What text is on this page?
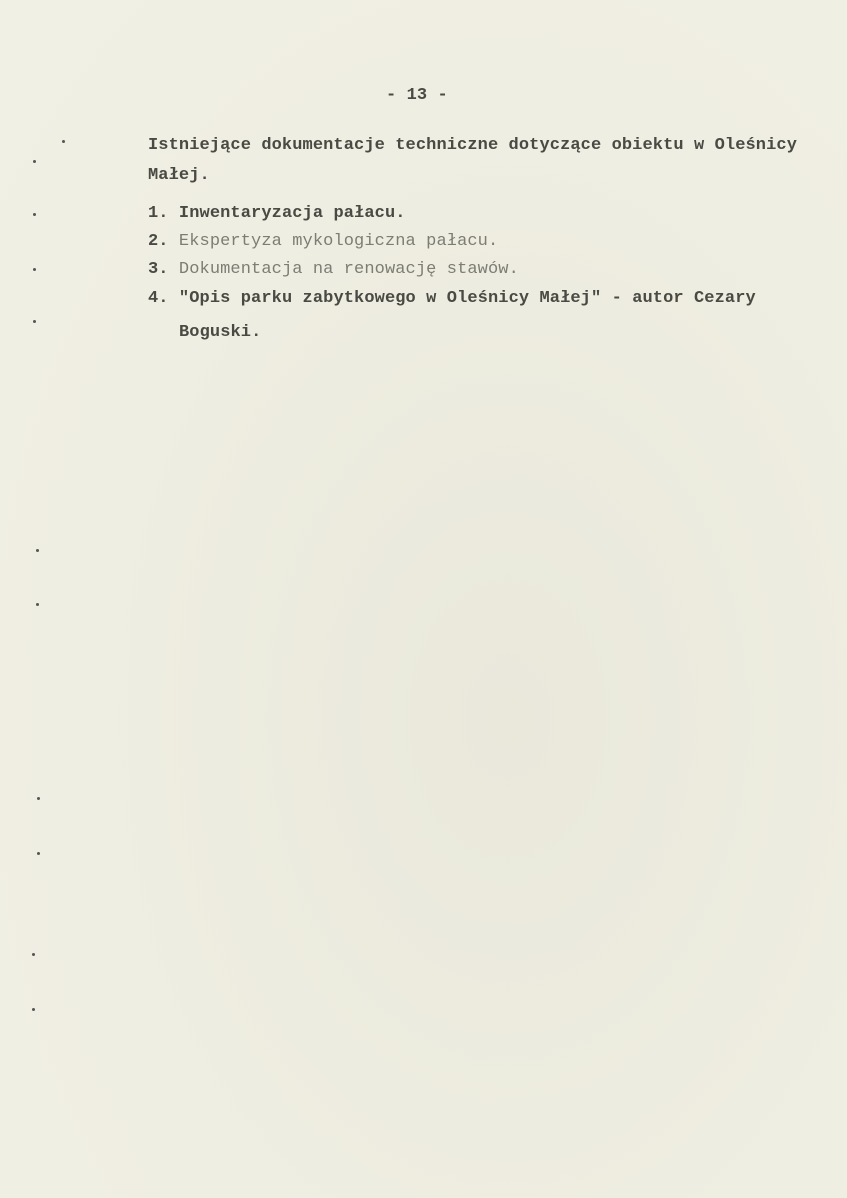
- 13 -
Istniejące dokumentacje techniczne dotyczące obiektu w Oleśnicy
Małej.
1. Inwentaryzacja pałacu.
2. Ekspertyza mykologiczna pałacu.
3. Dokumentacja na renowację stawów.
4. "Opis parku zabytkowego w Oleśnicy Małej" - autor Cezary
Boguski.
